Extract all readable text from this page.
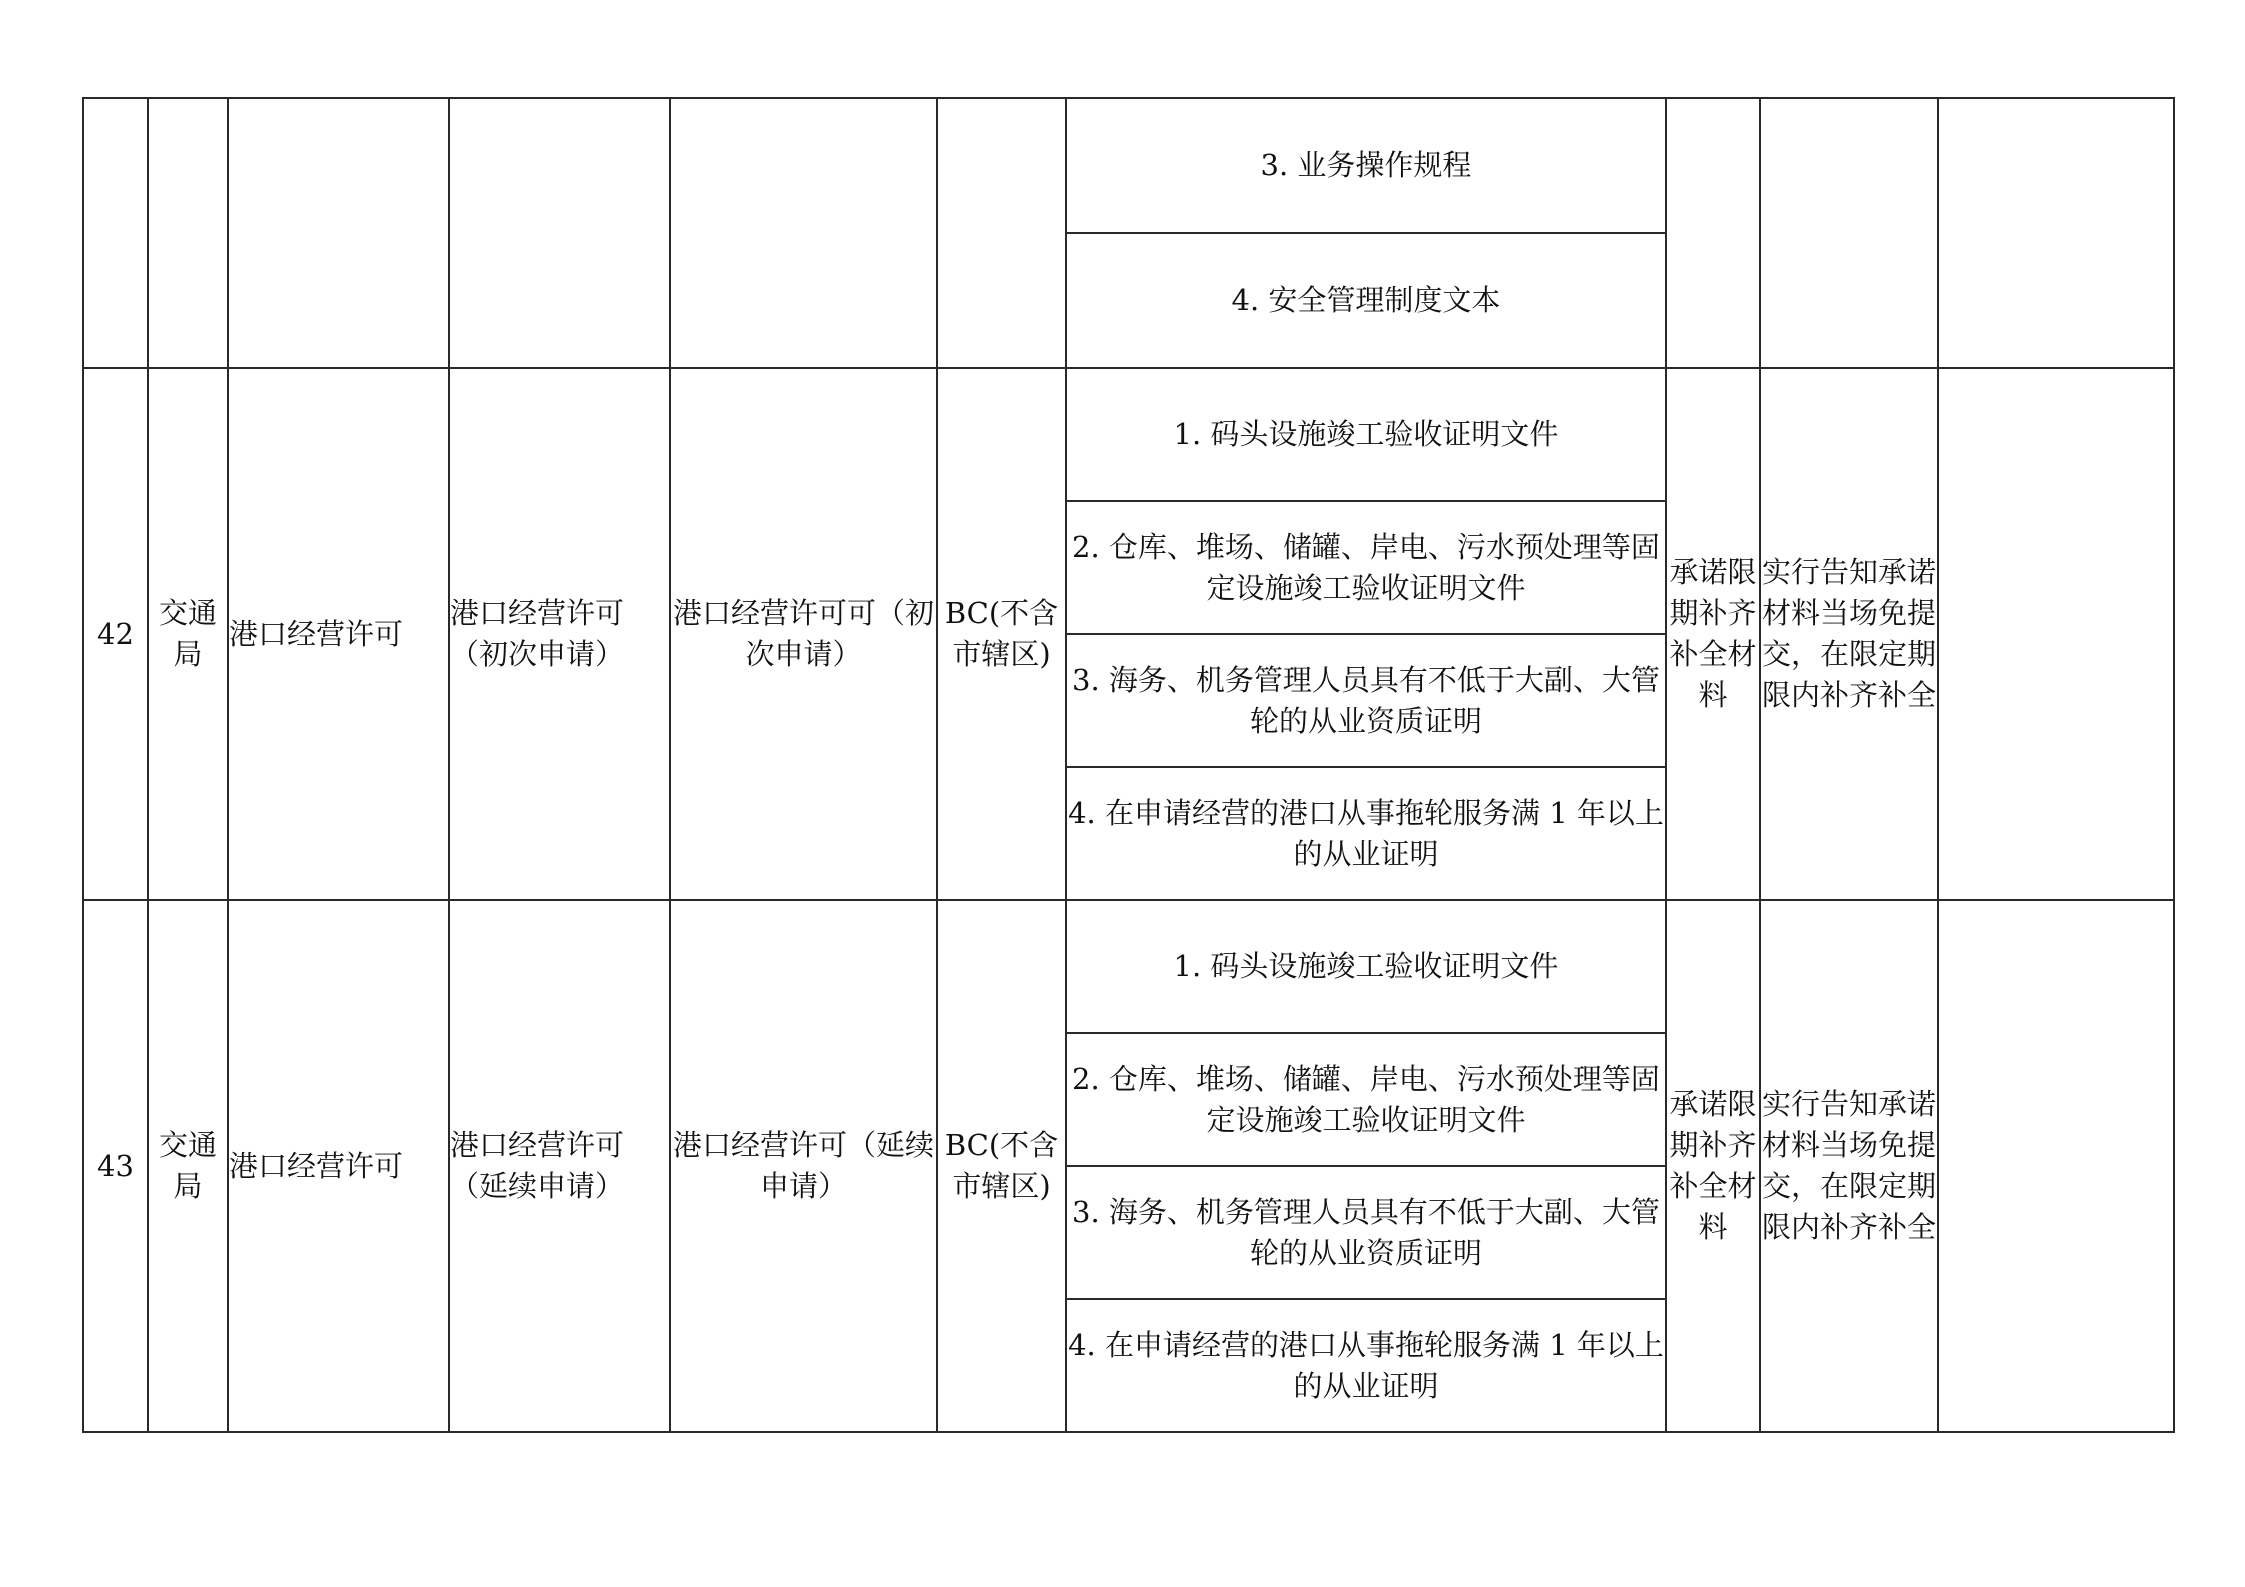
						3. 业务操作规程			
						4. 安全管理制度文本			
42	交通局	港口经营许可	港口经营许可（初次申请）	港口经营许可可（初次申请）	BC(不含市辖区)	1. 码头设施竣工验收证明文件	承诺限期补齐补全材料	实行告知承诺材料当场免提交，在限定期限内补齐补全	
						2. 仓库、堆场、储罐、岸电、污水预处理等固定设施竣工验收证明文件			
						3. 海务、机务管理人员具有不低于大副、大管轮的从业资质证明			
						4. 在申请经营的港口从事拖轮服务满 1 年以上的从业证明			
43	交通局	港口经营许可	港口经营许可（延续申请）	港口经营许可（延续申请）	BC(不含市辖区)	1. 码头设施竣工验收证明文件	承诺限期补齐补全材料	实行告知承诺材料当场免提交，在限定期限内补齐补全	
						2. 仓库、堆场、储罐、岸电、污水预处理等固定设施竣工验收证明文件			
						3. 海务、机务管理人员具有不低于大副、大管轮的从业资质证明			
						4. 在申请经营的港口从事拖轮服务满 1 年以上的从业证明			
